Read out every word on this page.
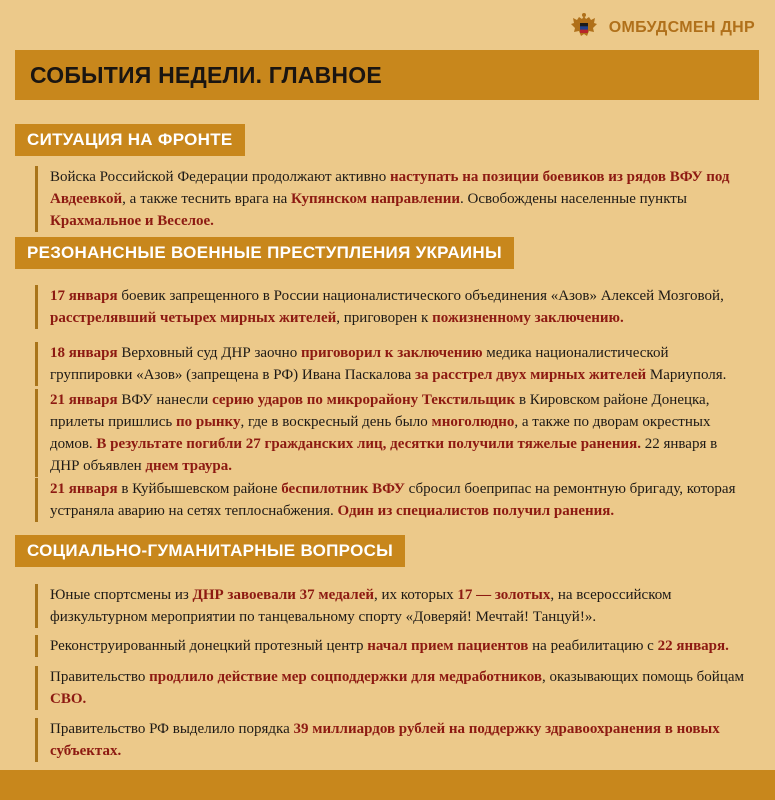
ОМБУДСМЕН ДНР
СОБЫТИЯ НЕДЕЛИ. ГЛАВНОЕ
СИТУАЦИЯ НА ФРОНТЕ
Войска Российской Федерации продолжают активно наступать на позиции боевиков из рядов ВФУ под Авдеевкой, а также теснить врага на Купянском направлении. Освобождены населенные пункты Крахмальное и Веселое.
РЕЗОНАНСНЫЕ ВОЕННЫЕ ПРЕСТУПЛЕНИЯ УКРАИНЫ
17 января боевик запрещенного в России националистического объединения «Азов» Алексей Мозговой, расстрелявший четырех мирных жителей, приговорен к пожизненному заключению.
18 января Верховный суд ДНР заочно приговорил к заключению медика националистической группировки «Азов» (запрещена в РФ) Ивана Паскалова за расстрел двух мирных жителей Мариуполя.
21 января ВФУ нанесли серию ударов по микрорайону Текстильщик в Кировском районе Донецка, прилеты пришлись по рынку, где в воскресный день было многолюдно, а также по дворам окрестных домов. В результате погибли 27 гражданских лиц, десятки получили тяжелые ранения. 22 января в ДНР объявлен днем траура.
21 января в Куйбышевском районе беспилотник ВФУ сбросил боеприпас на ремонтную бригаду, которая устраняла аварию на сетях теплоснабжения. Один из специалистов получил ранения.
СОЦИАЛЬНО-ГУМАНИТАРНЫЕ ВОПРОСЫ
Юные спортсмены из ДНР завоевали 37 медалей, их которых 17 — золотых, на всероссийском физкультурном мероприятии по танцевальному спорту «Доверяй! Мечтай! Танцуй!».
Реконструированный донецкий протезный центр начал прием пациентов на реабилитацию с 22 января.
Правительство продлило действие мер соцподдержки для медработников, оказывающих помощь бойцам СВО.
Правительство РФ выделило порядка 39 миллиардов рублей на поддержку здравоохранения в новых субъектах.
